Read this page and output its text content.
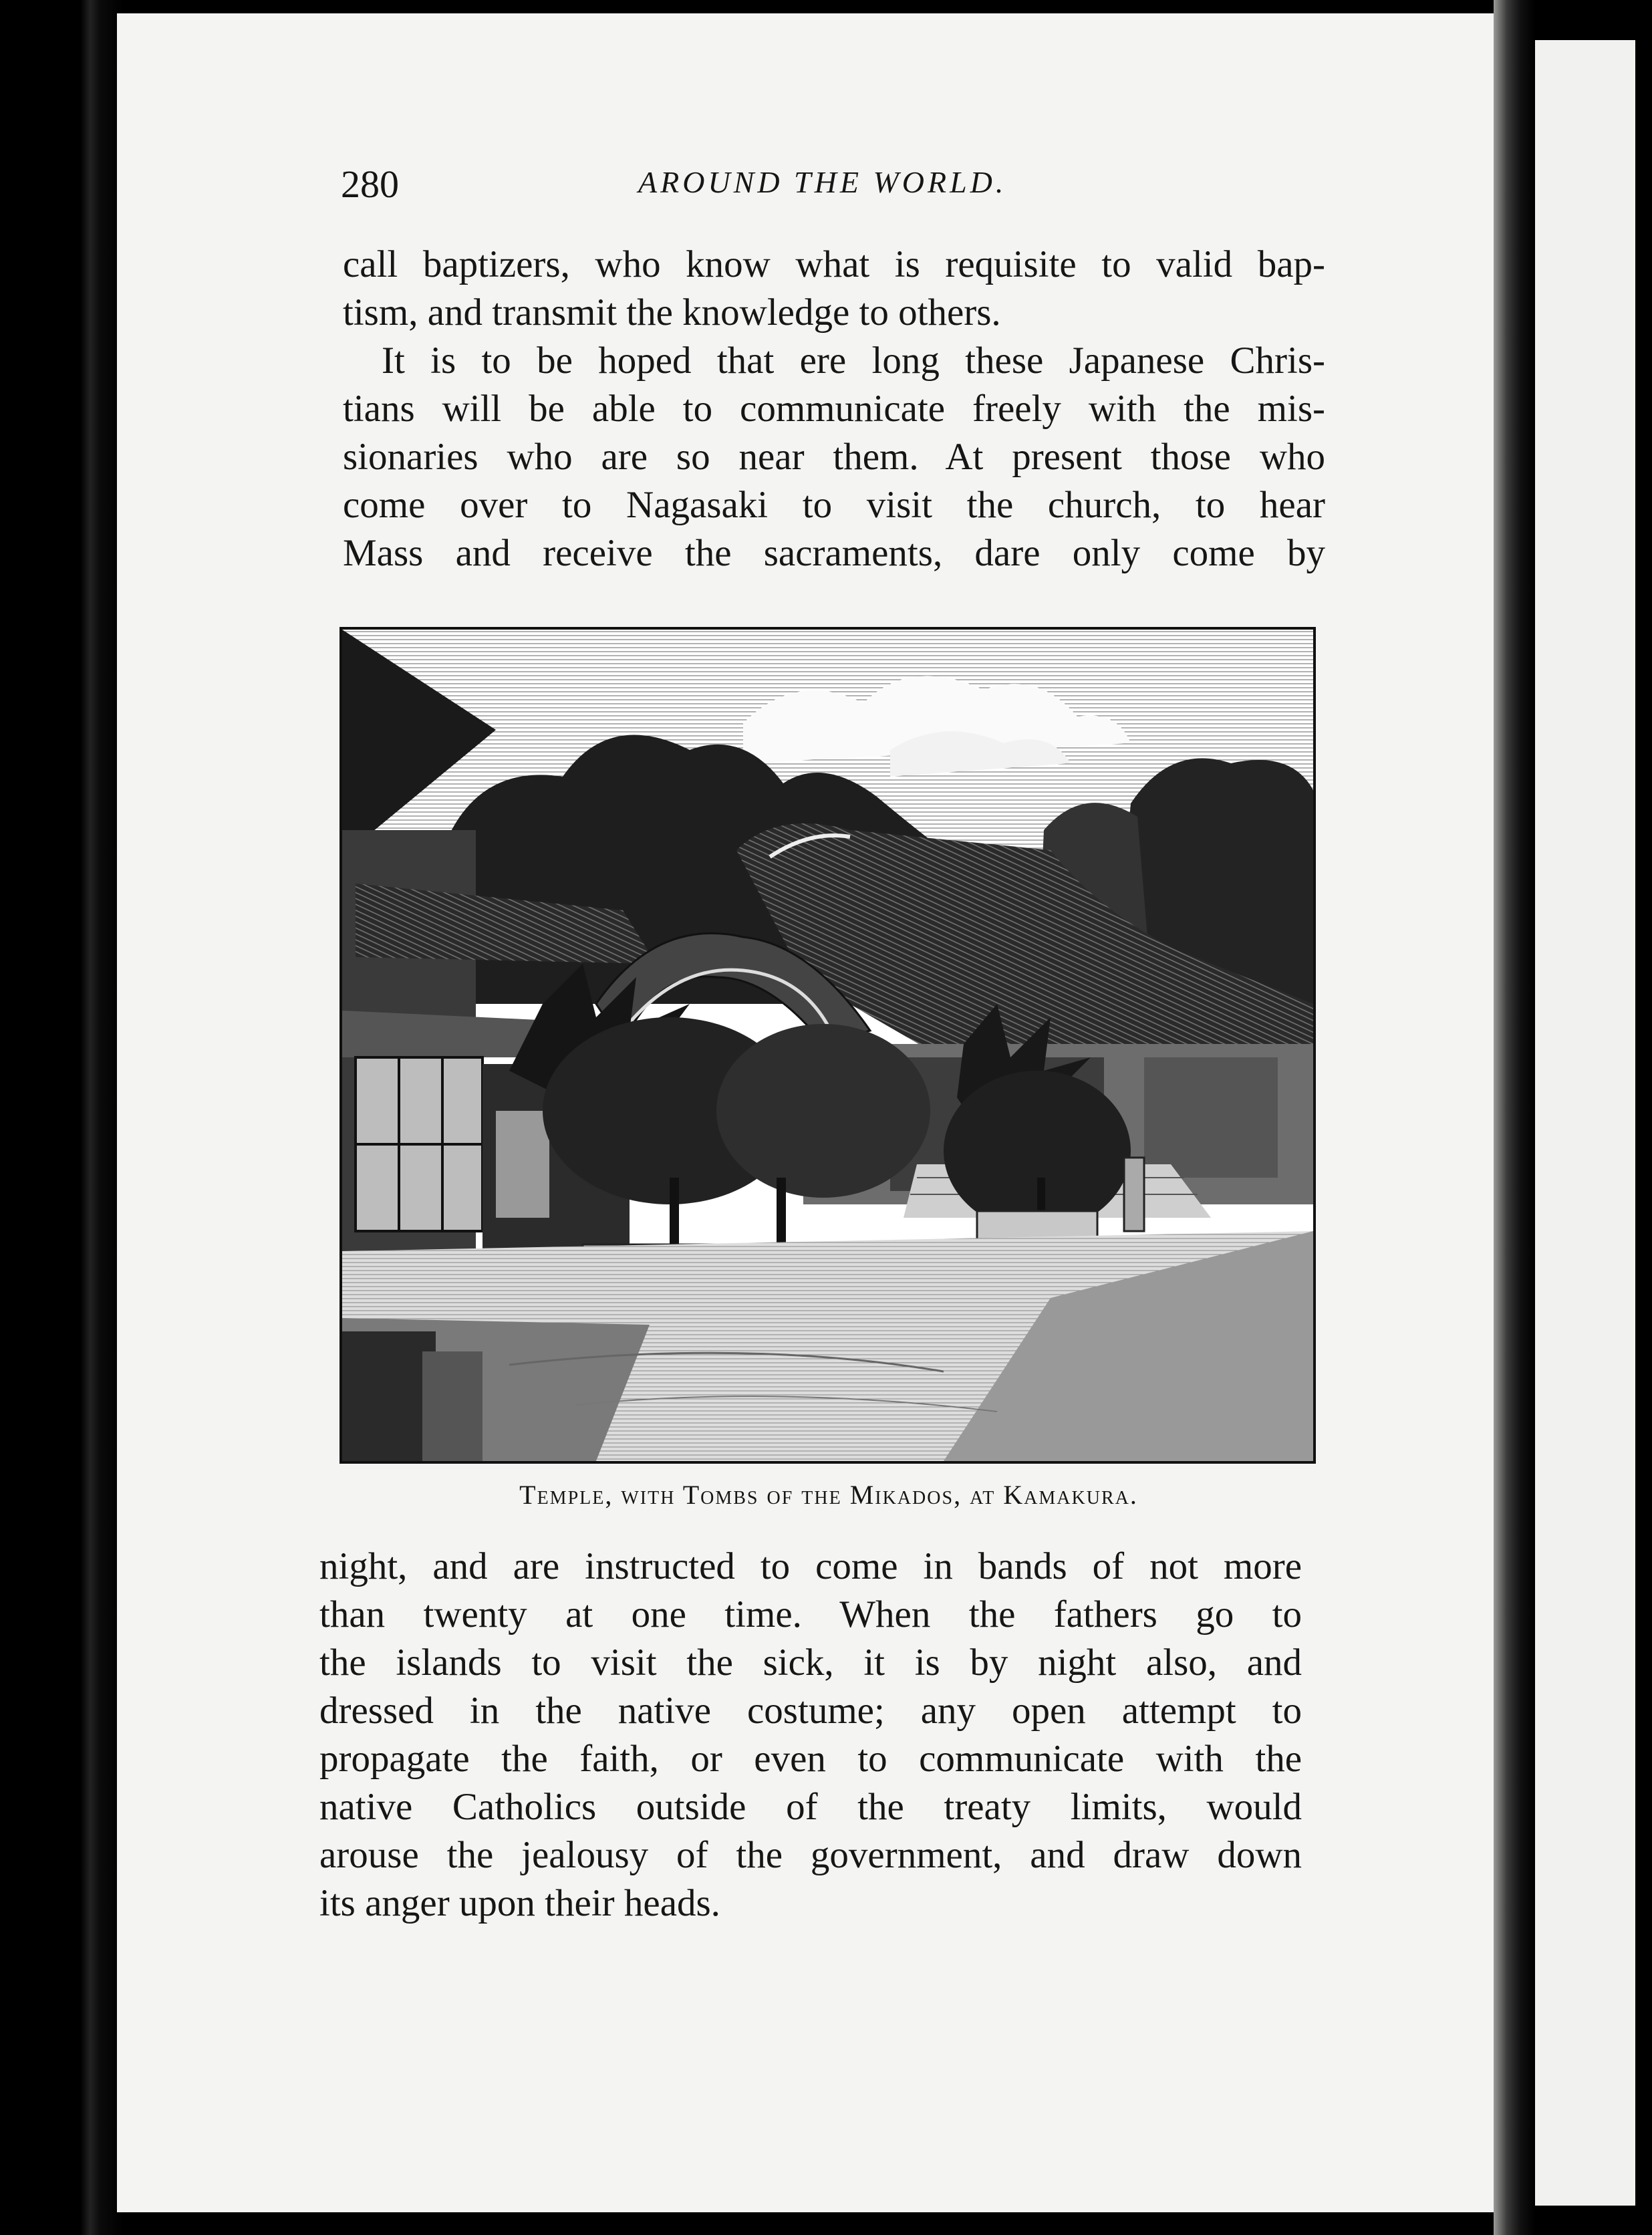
280	AROUND THE WORLD.
call baptizers, who know what is requisite to valid bap-
tism, and transmit the knowledge to others.
It is to be hoped that ere long these Japanese Chris-
tians will be able to communicate freely with the mis-
sionaries who are so near them. At present those who
come over to Nagasaki to visit the church, to hear
Mass and receive the sacraments, dare only come by
Temple, with Tombs of the Mikados, at Kamakura.
night, and are instructed to come in bands of not more
than twenty at one time. When the fathers go to
the islands to visit the sick, it is by night also, and
dressed in the native costume; any open attempt to
propagate the faith, or even to communicate with the
native Catholics outside of the treaty limits, would
arouse the jealousy of the government, and draw down
its anger upon their heads.
